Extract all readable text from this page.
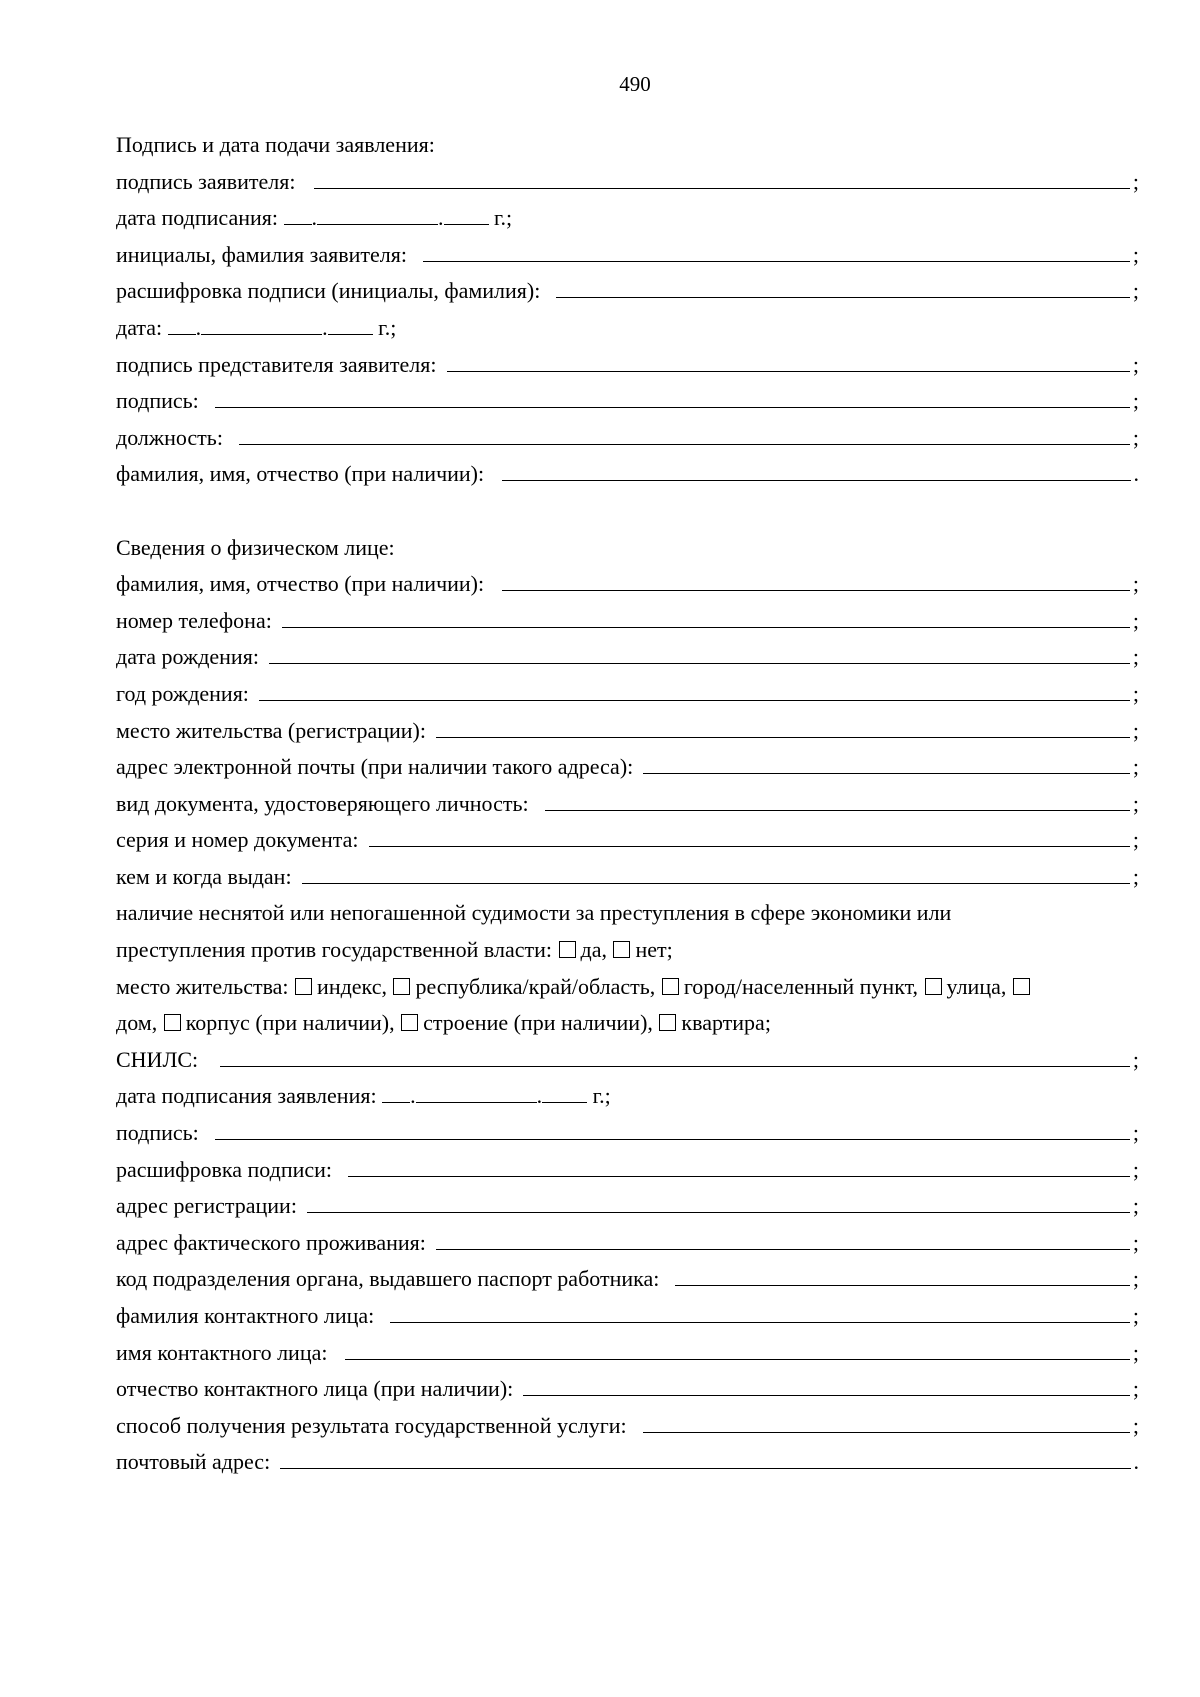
490
Подпись и дата подачи заявления:
подпись заявителя:	;
дата подписания: .	. г.;
инициалы, фамилия заявителя:	;
расшифровка подписи (инициалы, фамилия):	;
дата: .	. г.;
подпись представителя заявителя:	;
подпись:	;
должность:	;
фамилия, имя, отчество (при наличии):	.
Сведения о физическом лице:
фамилия, имя, отчество (при наличии):	;
номер телефона:	;
дата рождения:	;
год рождения:	;
место жительства (регистрации):	;
адрес электронной почты (при наличии такого адреса):	;
вид документа, удостоверяющего личность:	;
серия и номер документа:	;
кем и когда выдан:	;
наличие неснятой или непогашенной судимости за преступления в сфере экономики или
преступления против государственной власти: да, нет;
место жительства: индекс, республика/край/область, город/населенный пункт, улица,
дом, корпус (при наличии), строение (при наличии), квартира;
СНИЛС:	;
дата подписания заявления: .	. г.;
подпись:	;
расшифровка подписи:	;
адрес регистрации:	;
адрес фактического проживания:	;
код подразделения органа, выдавшего паспорт работника:	;
фамилия контактного лица:	;
имя контактного лица:	;
отчество контактного лица (при наличии):	;
способ получения результата государственной услуги:	;
почтовый адрес:	.
